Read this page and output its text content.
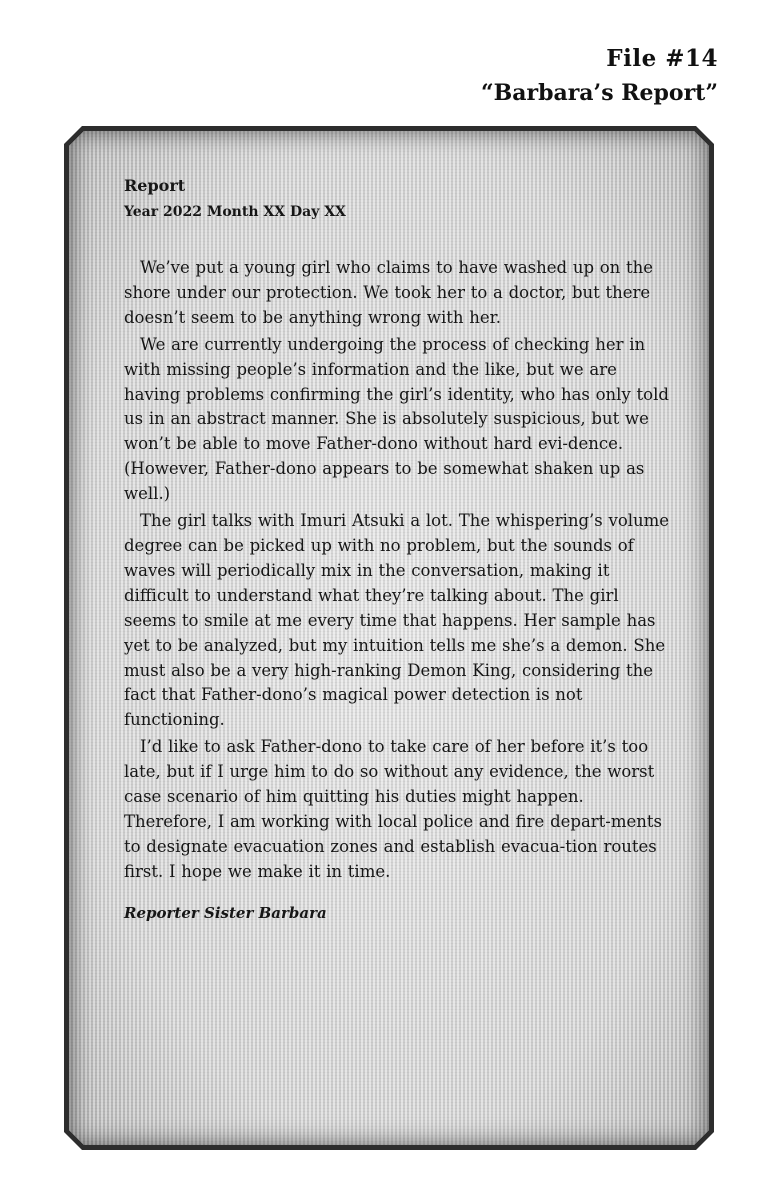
File #14
“Barbara’s Report”
Report
Year 2022 Month XX Day XX

We’ve put a young girl who claims to have washed up on the shore under our protection. We took her to a doctor, but there doesn’t seem to be anything wrong with her.

We are currently undergoing the process of checking her in with missing people’s information and the like, but we are having problems confirming the girl’s identity, who has only told us in an abstract manner. She is absolutely suspicious, but we won’t be able to move Father-dono without hard evi-dence. (However, Father-dono appears to be somewhat shaken up as well.)

The girl talks with Imuri Atsuki a lot. The whispering’s volume degree can be picked up with no problem, but the sounds of waves will periodically mix in the conversation, making it difficult to understand what they’re talking about. The girl seems to smile at me every time that happens. Her sample has yet to be analyzed, but my intuition tells me she’s a demon. She must also be a very high-ranking Demon King, considering the fact that Father-dono’s magical power detection is not functioning.

I’d like to ask Father-dono to take care of her before it’s too late, but if I urge him to do so without any evidence, the worst case scenario of him quitting his duties might happen. Therefore, I am working with local police and fire depart-ments to designate evacuation zones and establish evacua-tion routes first. I hope we make it in time.

Reporter Sister Barbara
